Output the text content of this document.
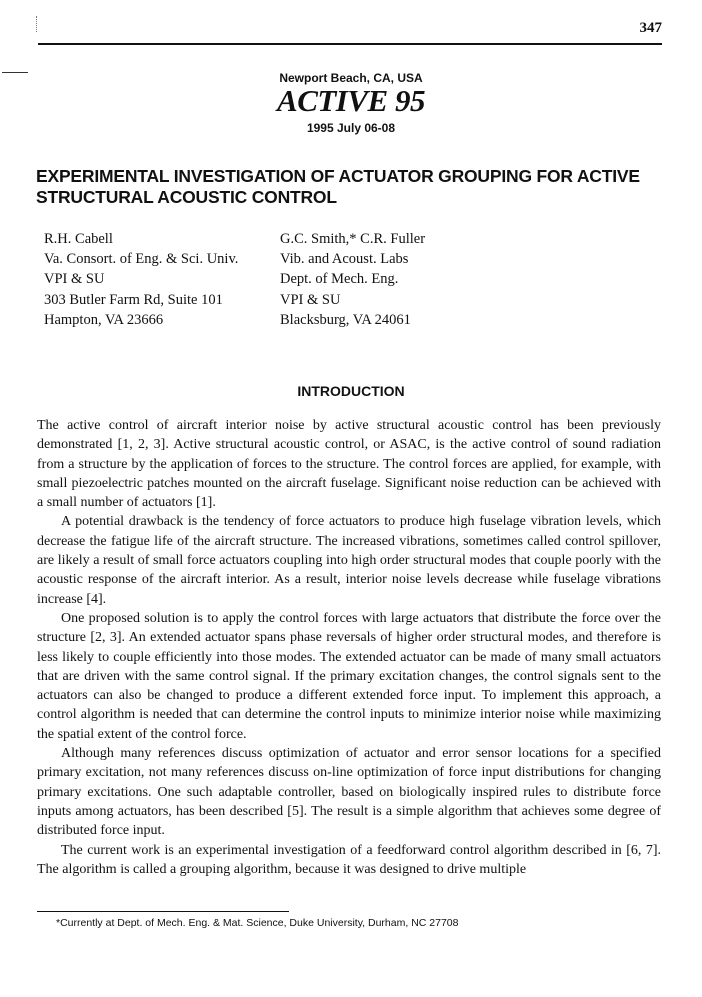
347
Newport Beach, CA, USA
ACTIVE 95
1995 July 06-08
EXPERIMENTAL INVESTIGATION OF ACTUATOR GROUPING FOR ACTIVE STRUCTURAL ACOUSTIC CONTROL
R.H. Cabell
Va. Consort. of Eng. & Sci. Univ.
VPI & SU
303 Butler Farm Rd, Suite 101
Hampton, VA 23666
G.C. Smith,* C.R. Fuller
Vib. and Acoust. Labs
Dept. of Mech. Eng.
VPI & SU
Blacksburg, VA 24061
INTRODUCTION

The active control of aircraft interior noise by active structural acoustic control has been previously demonstrated [1, 2, 3]. Active structural acoustic control, or ASAC, is the active control of sound radiation from a structure by the application of forces to the structure. The control forces are applied, for example, with small piezoelectric patches mounted on the aircraft fuselage. Significant noise reduction can be achieved with a small number of actuators [1].

A potential drawback is the tendency of force actuators to produce high fuselage vibration levels, which decrease the fatigue life of the aircraft structure. The increased vibrations, sometimes called control spillover, are likely a result of small force actuators coupling into high order structural modes that couple poorly with the acoustic response of the aircraft interior. As a result, interior noise levels decrease while fuselage vibrations increase [4].

One proposed solution is to apply the control forces with large actuators that distribute the force over the structure [2, 3]. An extended actuator spans phase reversals of higher order structural modes, and therefore is less likely to couple efficiently into those modes. The extended actuator can be made of many small actuators that are driven with the same control signal. If the primary excitation changes, the control signals sent to the actuators can also be changed to produce a different extended force input. To implement this approach, a control algorithm is needed that can determine the control inputs to minimize interior noise while maximizing the spatial extent of the control force.

Although many references discuss optimization of actuator and error sensor locations for a specified primary excitation, not many references discuss on-line optimization of force input distributions for changing primary excitations. One such adaptable controller, based on biologically inspired rules to distribute force inputs among actuators, has been described [5]. The result is a simple algorithm that achieves some degree of distributed force input.

The current work is an experimental investigation of a feedforward control algorithm described in [6, 7]. The algorithm is called a grouping algorithm, because it was designed to drive multiple

*Currently at Dept. of Mech. Eng. & Mat. Science, Duke University, Durham, NC 27708
